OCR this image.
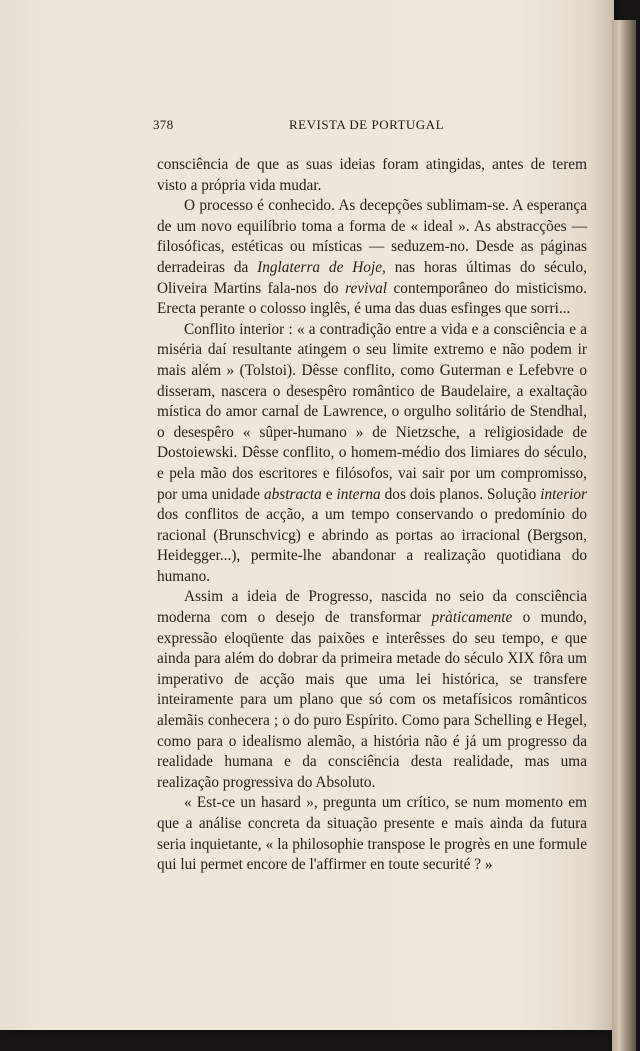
378	REVISTA DE PORTUGAL

consciência de que as suas ideias foram atingidas, antes de terem visto a própria vida mudar.

O processo é conhecido. As decepções sublimam-se. A esperança de um novo equilíbrio toma a forma de « ideal ». As abstracções — filosóficas, estéticas ou místicas — seduzem-no. Desde as páginas derradeiras da Inglaterra de Hoje, nas horas últimas do século, Oliveira Martins fala-nos do revival contemporâneo do misticismo. Erecta perante o colosso inglês, é uma das duas esfinges que sorri...

Conflito interior : « a contradição entre a vida e a consciência e a miséria daí resultante atingem o seu limite extremo e não podem ir mais além » (Tolstoi). Dêsse conflito, como Guterman e Lefebvre o disseram, nascera o desespêro romântico de Baudelaire, a exaltação mística do amor carnal de Lawrence, o orgulho solitário de Stendhal, o desespêro « sûper-humano » de Nietzsche, a religiosidade de Dostoiewski. Dêsse conflito, o homem-médio dos limiares do século, e pela mão dos escritores e filósofos, vai sair por um compromisso, por uma unidade abstracta e interna dos dois planos. Solução interior dos conflitos de acção, a um tempo conservando o predomínio do racional (Brunschvicg) e abrindo as portas ao irracional (Bergson, Heidegger...), permite-lhe abandonar a realização quotidiana do humano.

Assim a ideia de Progresso, nascida no seio da consciência moderna com o desejo de transformar pràticamente o mundo, expressão eloqüente das paixões e interêsses do seu tempo, e que ainda para além do dobrar da primeira metade do século XIX fôra um imperativo de acção mais que uma lei histórica, se transfere inteiramente para um plano que só com os metafísicos românticos alemãis conhecera ; o do puro Espírito. Como para Schelling e Hegel, como para o idealismo alemão, a história não é já um progresso da realidade humana e da consciência desta realidade, mas uma realização progressiva do Absoluto.

« Est-ce un hasard », pregunta um crítico, se num momento em que a análise concreta da situação presente e mais ainda da futura seria inquietante, « la philosophie transpose le progrès en une formule qui lui permet encore de l'affirmer en toute securité ? »
